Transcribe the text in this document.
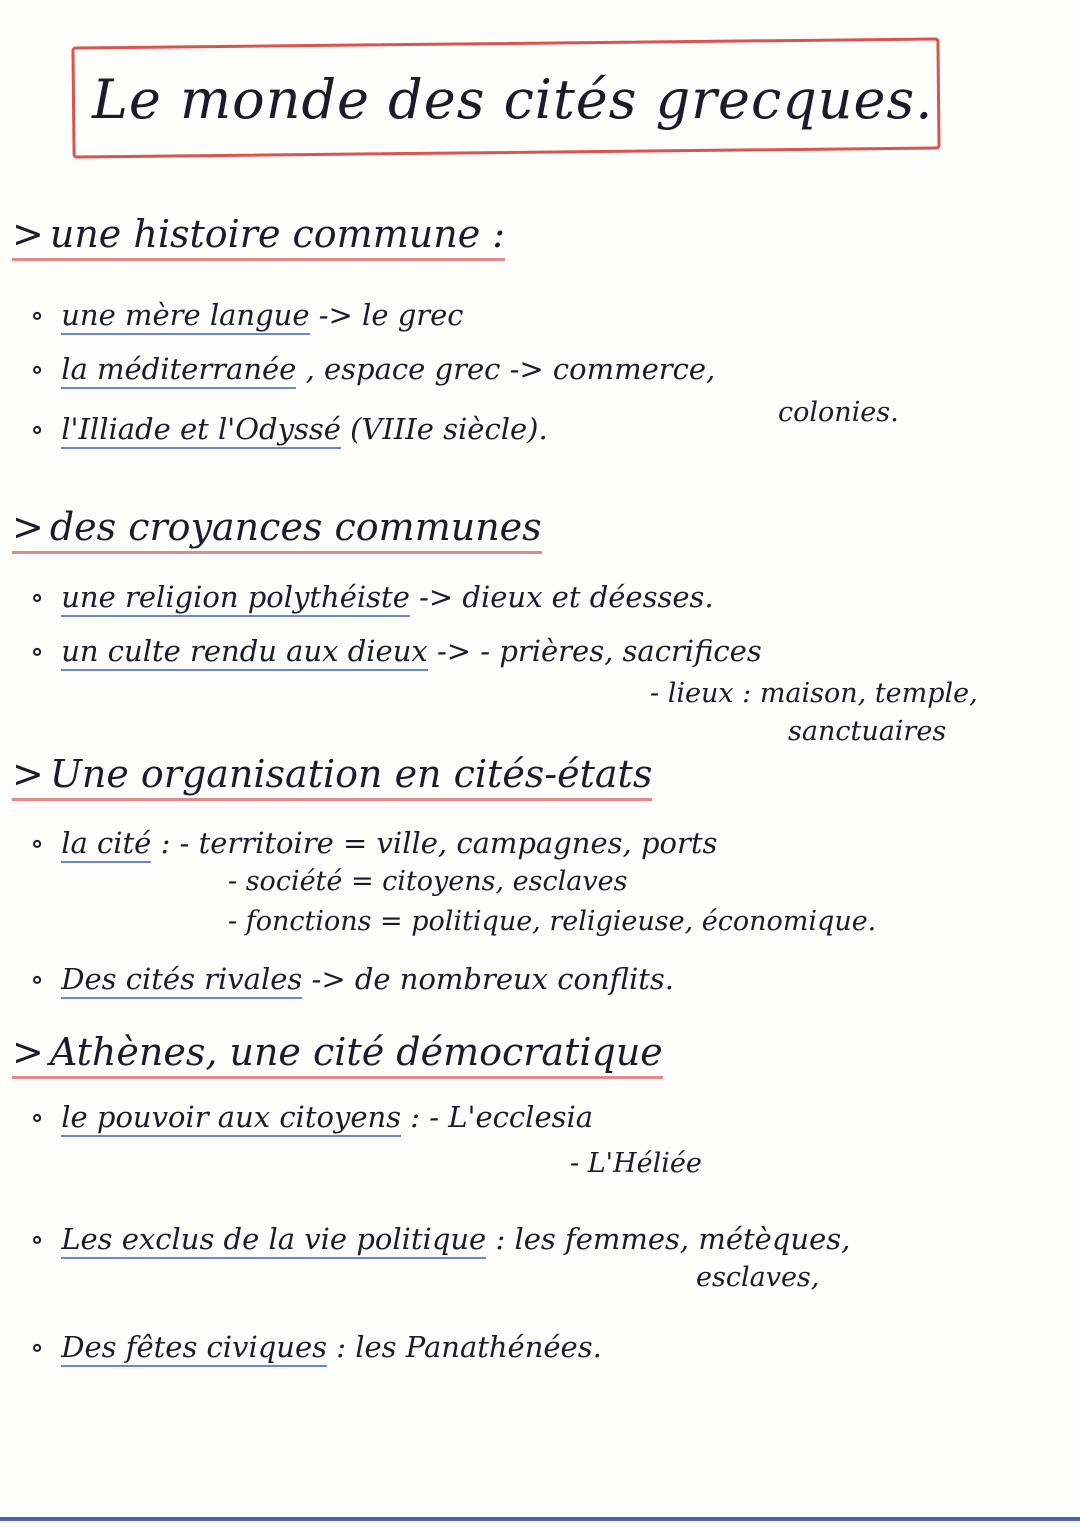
Le monde des cités grecques.
> une histoire commune :
∘ une mère langue -> le grec
∘ la méditerranée , espace grec -> commerce,
∘ l'Illiade et l'Odyssé (VIIIe siècle).	colonies.
> des croyances communes
∘ une religion polythéiste -> dieux et déesses.
∘ un culte rendu aux dieux -> - prières, sacrifices
- lieux : maison, temple,
sanctuaires
> Une organisation en cités-états
∘ la cité : - territoire = ville, campagnes, ports
- société = citoyens, esclaves
- fonctions = politique, religieuse, économique.
∘ Des cités rivales -> de nombreux conflits.
> Athènes, une cité démocratique
∘ le pouvoir aux citoyens : - L'ecclesia
- L'Héliée
∘ Les exclus de la vie politique : les femmes, métèques,
esclaves,
∘ Des fêtes civiques : les Panathénées.
